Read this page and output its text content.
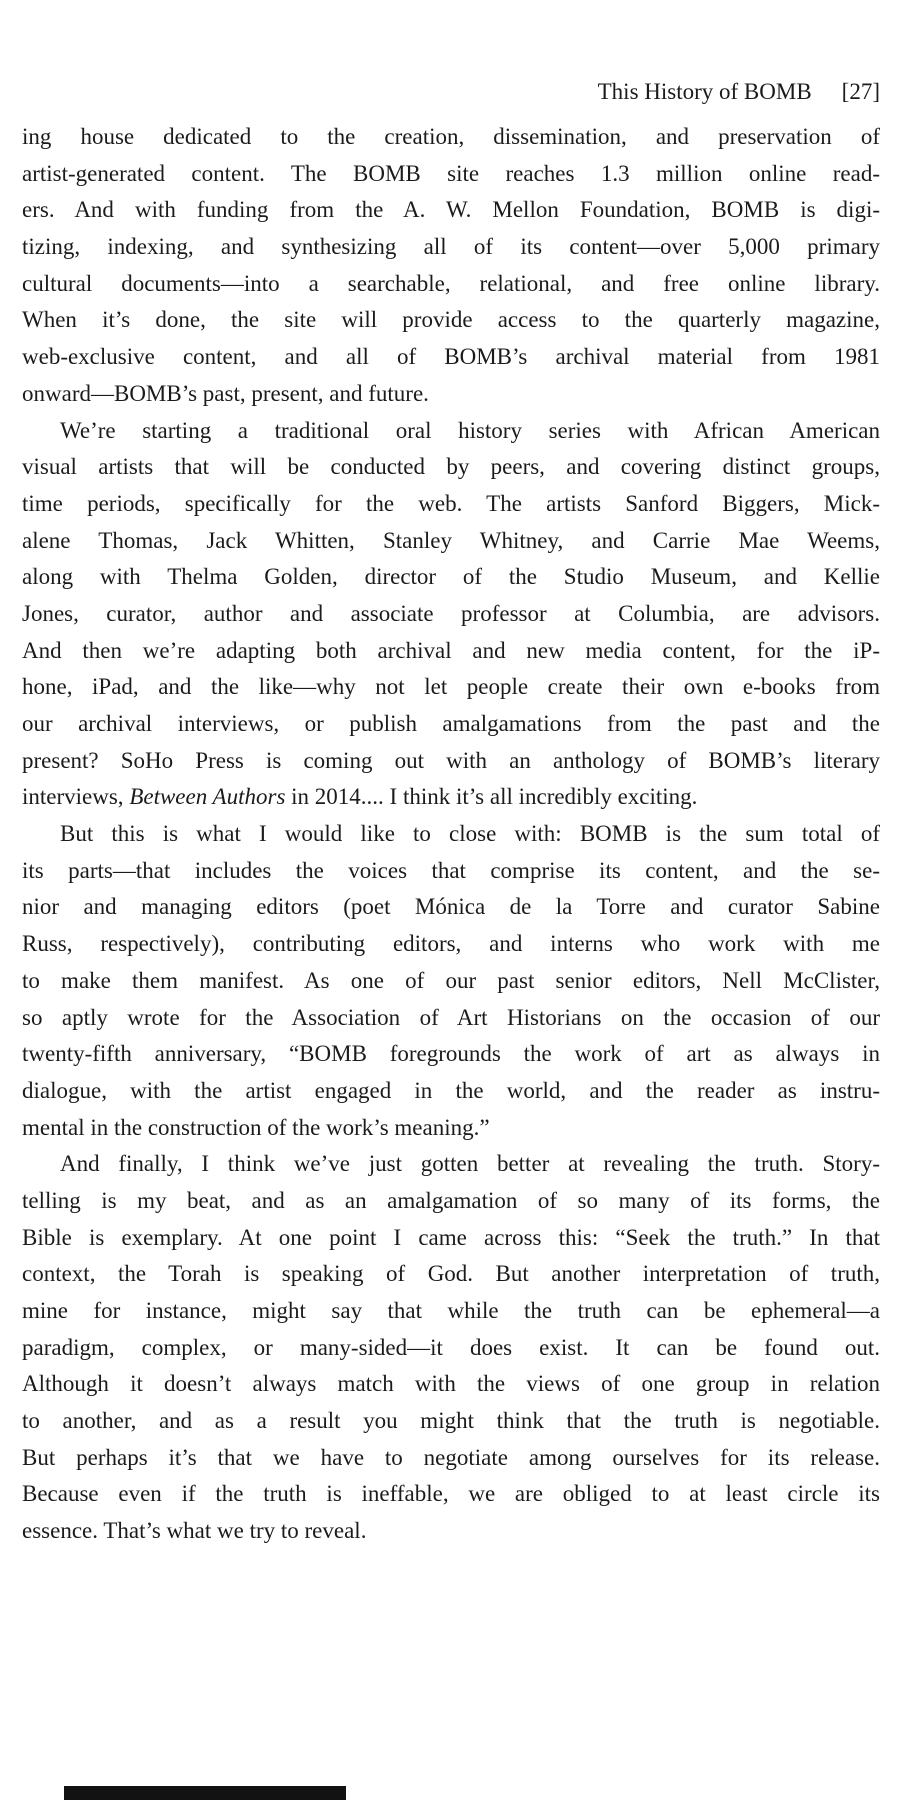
This History of BOMB [27]
ing house dedicated to the creation, dissemination, and preservation of
artist-generated content. The BOMB site reaches 1.3 million online read-
ers. And with funding from the A. W. Mellon Foundation, BOMB is digi-
tizing, indexing, and synthesizing all of its content—over 5,000 primary
cultural documents—into a searchable, relational, and free online library.
When it’s done, the site will provide access to the quarterly magazine,
web-exclusive content, and all of BOMB’s archival material from 1981
onward—BOMB’s past, present, and future.
We’re starting a traditional oral history series with African American
visual artists that will be conducted by peers, and covering distinct groups,
time periods, specifically for the web. The artists Sanford Biggers, Mick-
alene Thomas, Jack Whitten, Stanley Whitney, and Carrie Mae Weems,
along with Thelma Golden, director of the Studio Museum, and Kellie
Jones, curator, author and associate professor at Columbia, are advisors.
And then we’re adapting both archival and new media content, for the iP-
hone, iPad, and the like—why not let people create their own e-books from
our archival interviews, or publish amalgamations from the past and the
present? SoHo Press is coming out with an anthology of BOMB’s literary
interviews, Between Authors in 2014.... I think it’s all incredibly exciting.
But this is what I would like to close with: BOMB is the sum total of
its parts—that includes the voices that comprise its content, and the se-
nior and managing editors (poet Mónica de la Torre and curator Sabine
Russ, respectively), contributing editors, and interns who work with me
to make them manifest. As one of our past senior editors, Nell McClister,
so aptly wrote for the Association of Art Historians on the occasion of our
twenty-fifth anniversary, “BOMB foregrounds the work of art as always in
dialogue, with the artist engaged in the world, and the reader as instru-
mental in the construction of the work’s meaning.”
And finally, I think we’ve just gotten better at revealing the truth. Story-
telling is my beat, and as an amalgamation of so many of its forms, the
Bible is exemplary. At one point I came across this: “Seek the truth.” In that
context, the Torah is speaking of God. But another interpretation of truth,
mine for instance, might say that while the truth can be ephemeral—a
paradigm, complex, or many-sided—it does exist. It can be found out.
Although it doesn’t always match with the views of one group in relation
to another, and as a result you might think that the truth is negotiable.
But perhaps it’s that we have to negotiate among ourselves for its release.
Because even if the truth is ineffable, we are obliged to at least circle its
essence. That’s what we try to reveal.
